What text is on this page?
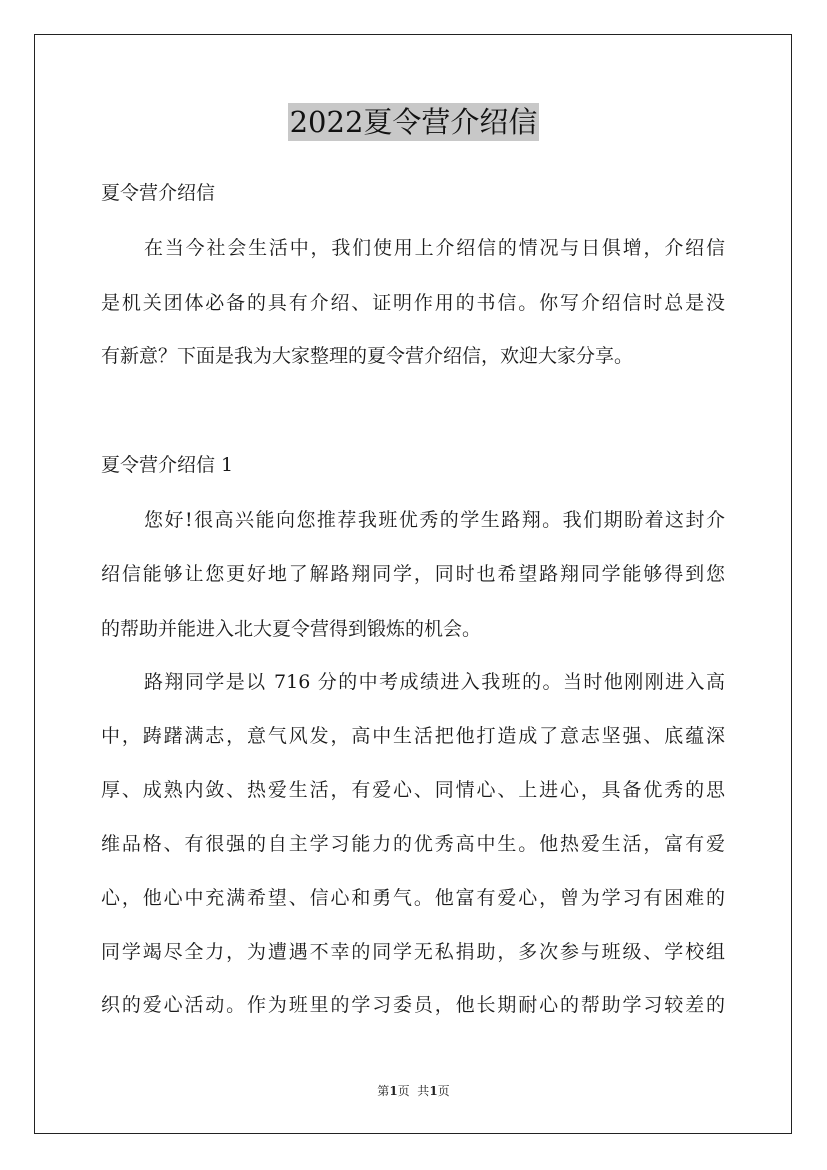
2022夏令营介绍信
夏令营介绍信
在当今社会生活中，我们使用上介绍信的情况与日俱增，介绍信
是机关团体必备的具有介绍、证明作用的书信。你写介绍信时总是没
有新意？下面是我为大家整理的夏令营介绍信，欢迎大家分享。
夏令营介绍信 1
您好!很高兴能向您推荐我班优秀的学生路翔。我们期盼着这封介
绍信能够让您更好地了解路翔同学，同时也希望路翔同学能够得到您
的帮助并能进入北大夏令营得到锻炼的机会。
路翔同学是以 716 分的中考成绩进入我班的。当时他刚刚进入高
中，踌躇满志，意气风发，高中生活把他打造成了意志坚强、底蕴深
厚、成熟内敛、热爱生活，有爱心、同情心、上进心，具备优秀的思
维品格、有很强的自主学习能力的优秀高中生。他热爱生活，富有爱
心，他心中充满希望、信心和勇气。他富有爱心，曾为学习有困难的
同学竭尽全力，为遭遇不幸的同学无私捐助，多次参与班级、学校组
织的爱心活动。作为班里的学习委员，他长期耐心的帮助学习较差的
第1页  共1页
